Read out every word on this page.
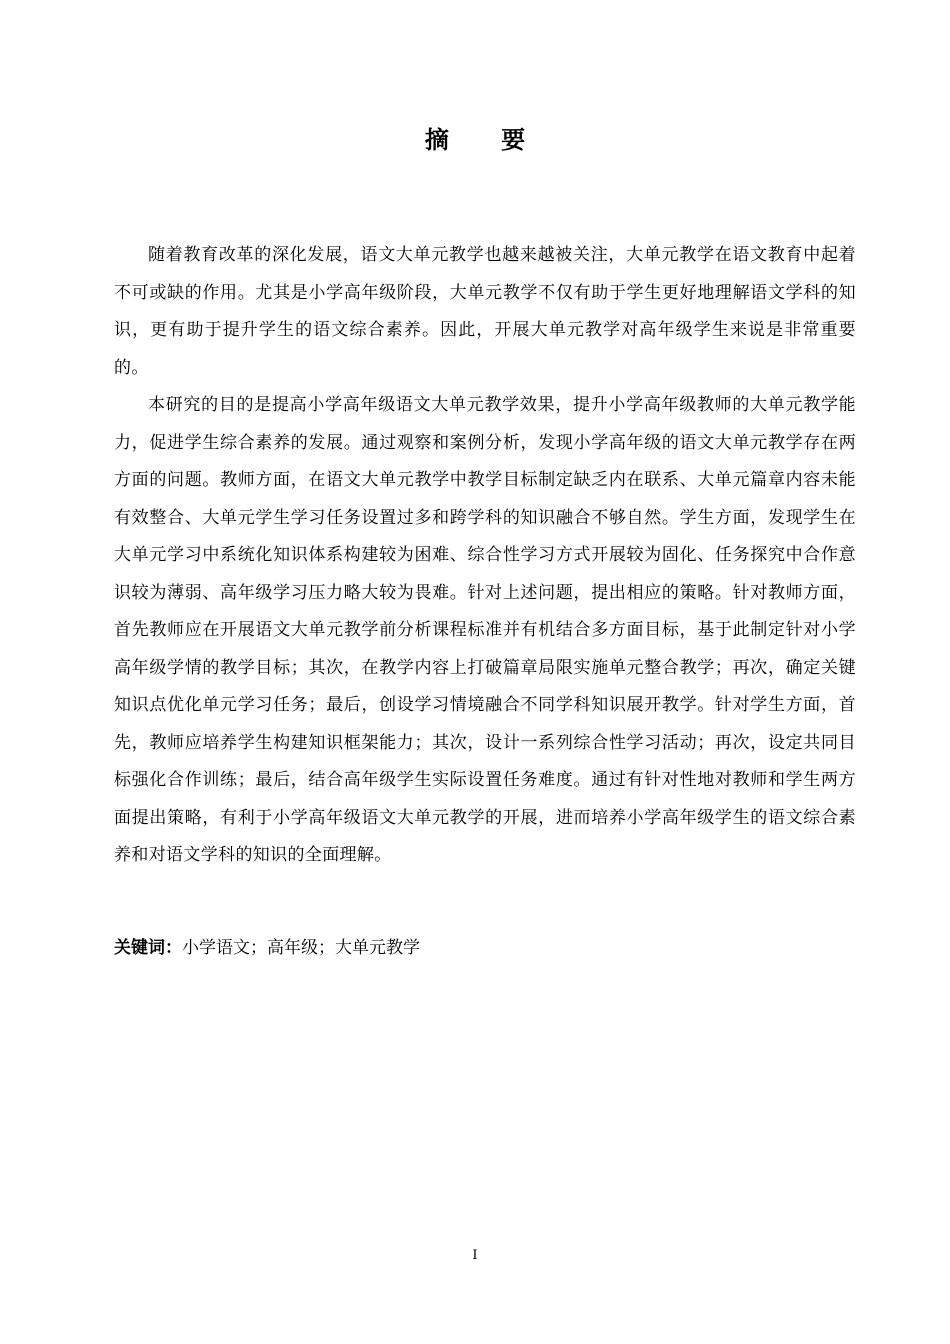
摘 要

随着教育改革的深化发展，语文大单元教学也越来越被关注，大单元教学在语文教育中起着不可或缺的作用。尤其是小学高年级阶段，大单元教学不仅有助于学生更好地理解语文学科的知识，更有助于提升学生的语文综合素养。因此，开展大单元教学对高年级学生来说是非常重要的。

本研究的目的是提高小学高年级语文大单元教学效果，提升小学高年级教师的大单元教学能力，促进学生综合素养的发展。通过观察和案例分析，发现小学高年级的语文大单元教学存在两方面的问题。教师方面，在语文大单元教学中教学目标制定缺乏内在联系、大单元篇章内容未能有效整合、大单元学生学习任务设置过多和跨学科的知识融合不够自然。学生方面，发现学生在大单元学习中系统化知识体系构建较为困难、综合性学习方式开展较为固化、任务探究中合作意识较为薄弱、高年级学习压力略大较为畏难。针对上述问题，提出相应的策略。针对教师方面，首先教师应在开展语文大单元教学前分析课程标准并有机结合多方面目标，基于此制定针对小学高年级学情的教学目标；其次，在教学内容上打破篇章局限实施单元整合教学；再次，确定关键知识点优化单元学习任务；最后，创设学习情境融合不同学科知识展开教学。针对学生方面，首先，教师应培养学生构建知识框架能力；其次，设计一系列综合性学习活动；再次，设定共同目标强化合作训练；最后，结合高年级学生实际设置任务难度。通过有针对性地对教师和学生两方面提出策略，有利于小学高年级语文大单元教学的开展，进而培养小学高年级学生的语文综合素养和对语文学科的知识的全面理解。

关键词：小学语文；高年级；大单元教学
I
